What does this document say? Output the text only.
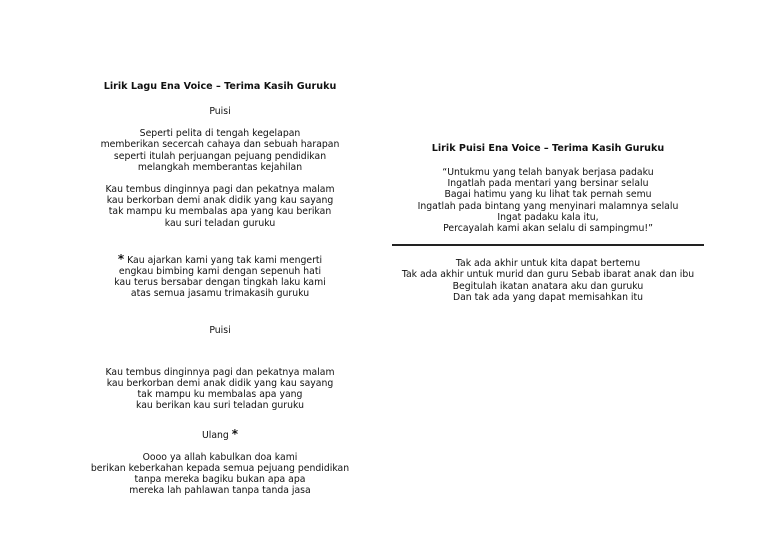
Lirik Lagu Ena Voice – Terima Kasih Guruku

Puisi

Seperti pelita di tengah kegelapan

memberikan secercah cahaya dan sebuah harapan

seperti itulah perjuangan pejuang pendidikan

melangkah memberantas kejahilan

Kau tembus dinginnya pagi dan pekatnya malam

kau berkorban demi anak didik yang kau sayang

tak mampu ku membalas apa yang kau berikan

kau suri teladan guruku

* Kau ajarkan kami yang tak kami mengerti

engkau bimbing kami dengan sepenuh hati

kau terus bersabar dengan tingkah laku kami

atas semua jasamu trimakasih guruku

Puisi

Kau tembus dinginnya pagi dan pekatnya malam

kau berkorban demi anak didik yang kau sayang

tak mampu ku membalas apa yang

kau berikan kau suri teladan guruku

Ulang *

Oooo ya allah kabulkan doa kami

berikan keberkahan kepada semua pejuang pendidikan

tanpa mereka bagiku bukan apa apa

mereka lah pahlawan tanpa tanda jasa

Lirik Puisi Ena Voice – Terima Kasih Guruku

“Untukmu yang telah banyak berjasa padaku

Ingatlah pada mentari yang bersinar selalu

Bagai hatimu yang ku lihat tak pernah semu

Ingatlah pada bintang yang menyinari malamnya selalu

Ingat padaku kala itu,

Percayalah kami akan selalu di sampingmu!”

Tak ada akhir untuk kita dapat bertemu

Tak ada akhir untuk murid dan guru Sebab ibarat anak dan ibu

Begitulah ikatan anatara aku dan guruku

Dan tak ada yang dapat memisahkan itu
